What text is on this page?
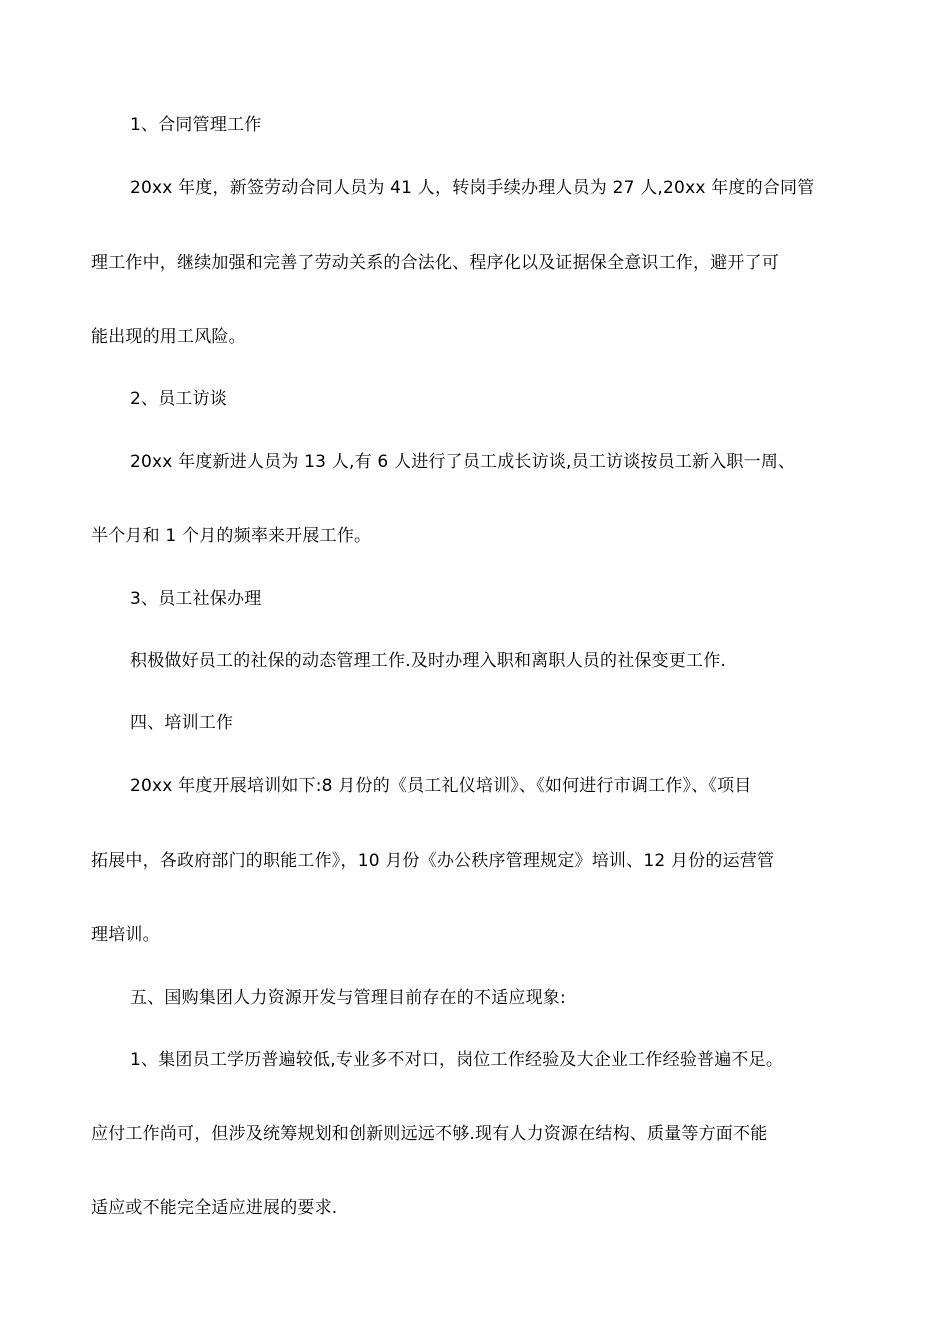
1、合同管理工作
20xx 年度，新签劳动合同人员为 41 人，转岗手续办理人员为 27 人,20xx 年度的合同管
理工作中，继续加强和完善了劳动关系的合法化、程序化以及证据保全意识工作，避开了可
能出现的用工风险。
2、员工访谈
20xx 年度新进人员为 13 人,有 6 人进行了员工成长访谈,员工访谈按员工新入职一周、
半个月和 1 个月的频率来开展工作。
3、员工社保办理
积极做好员工的社保的动态管理工作.及时办理入职和离职人员的社保变更工作.
四、培训工作
20xx 年度开展培训如下:8 月份的《员工礼仪培训》、《如何进行市调工作》、《项目
拓展中，各政府部门的职能工作》，10 月份《办公秩序管理规定》培训、12 月份的运营管
理培训。
五、国购集团人力资源开发与管理目前存在的不适应现象:
1、集团员工学历普遍较低,专业多不对口，岗位工作经验及大企业工作经验普遍不足。
应付工作尚可，但涉及统筹规划和创新则远远不够.现有人力资源在结构、质量等方面不能
适应或不能完全适应进展的要求.
